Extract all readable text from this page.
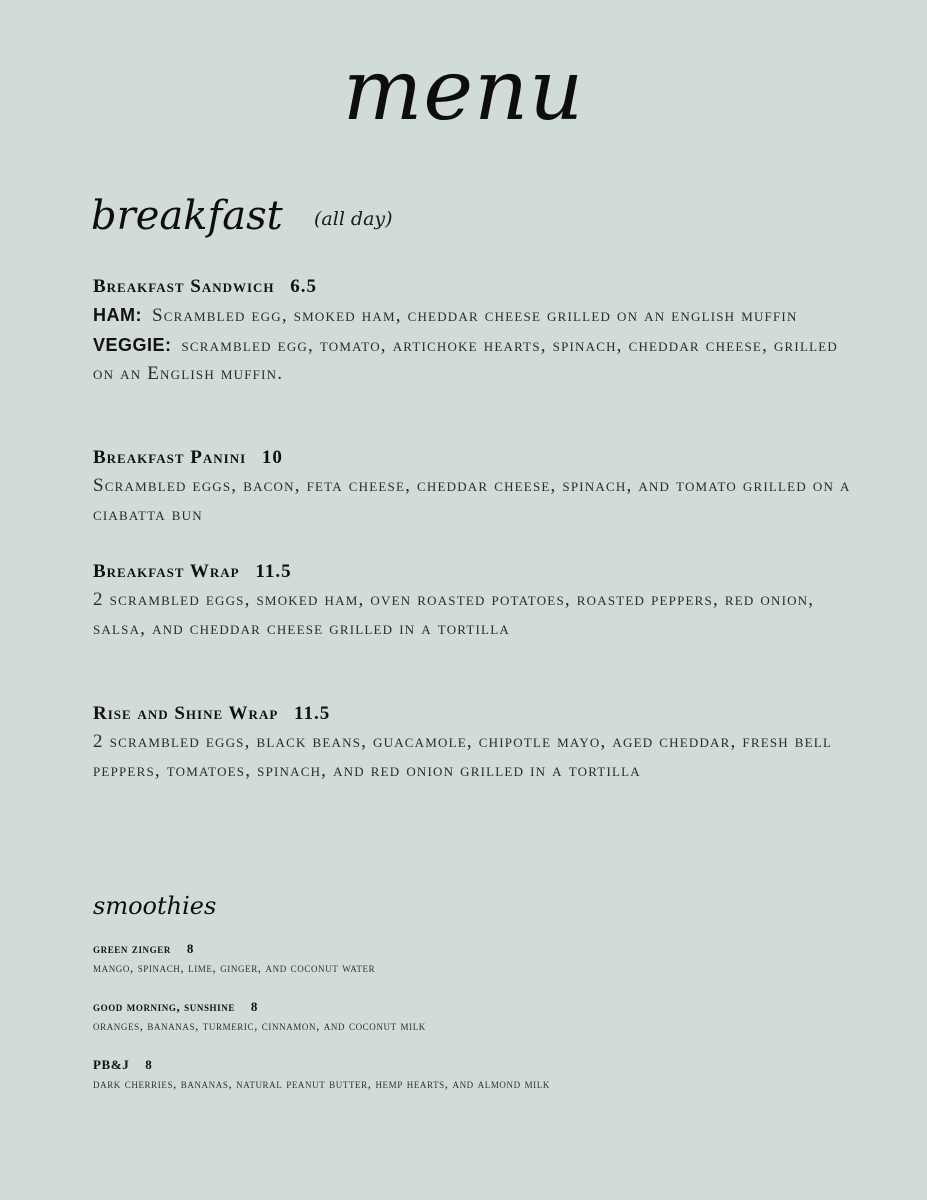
menu
breakfast (all day)
Breakfast Sandwich 6.5
HAM: Scrambled egg, smoked ham, cheddar cheese grilled on an english muffin
VEGGIE: scrambled egg, tomato, artichoke hearts, spinach, cheddar cheese, grilled on an English muffin.
Breakfast Panini 10
Scrambled eggs, bacon, feta cheese, cheddar cheese, spinach, and tomato grilled on a ciabatta bun
Breakfast Wrap 11.5
2 scrambled eggs, smoked ham, oven roasted potatoes, roasted peppers, red onion, salsa, and cheddar cheese grilled in a tortilla
Rise and Shine Wrap 11.5
2 scrambled eggs, black beans, guacamole, chipotle mayo, aged cheddar, fresh bell peppers, tomatoes, spinach, and red onion grilled in a tortilla
smoothies
green zinger 8
mango, spinach, lime, ginger, and coconut water
good morning, sunshine 8
oranges, bananas, turmeric, cinnamon, and coconut milk
PB&J 8
dark cherries, bananas, natural peanut butter, hemp hearts, and almond milk
